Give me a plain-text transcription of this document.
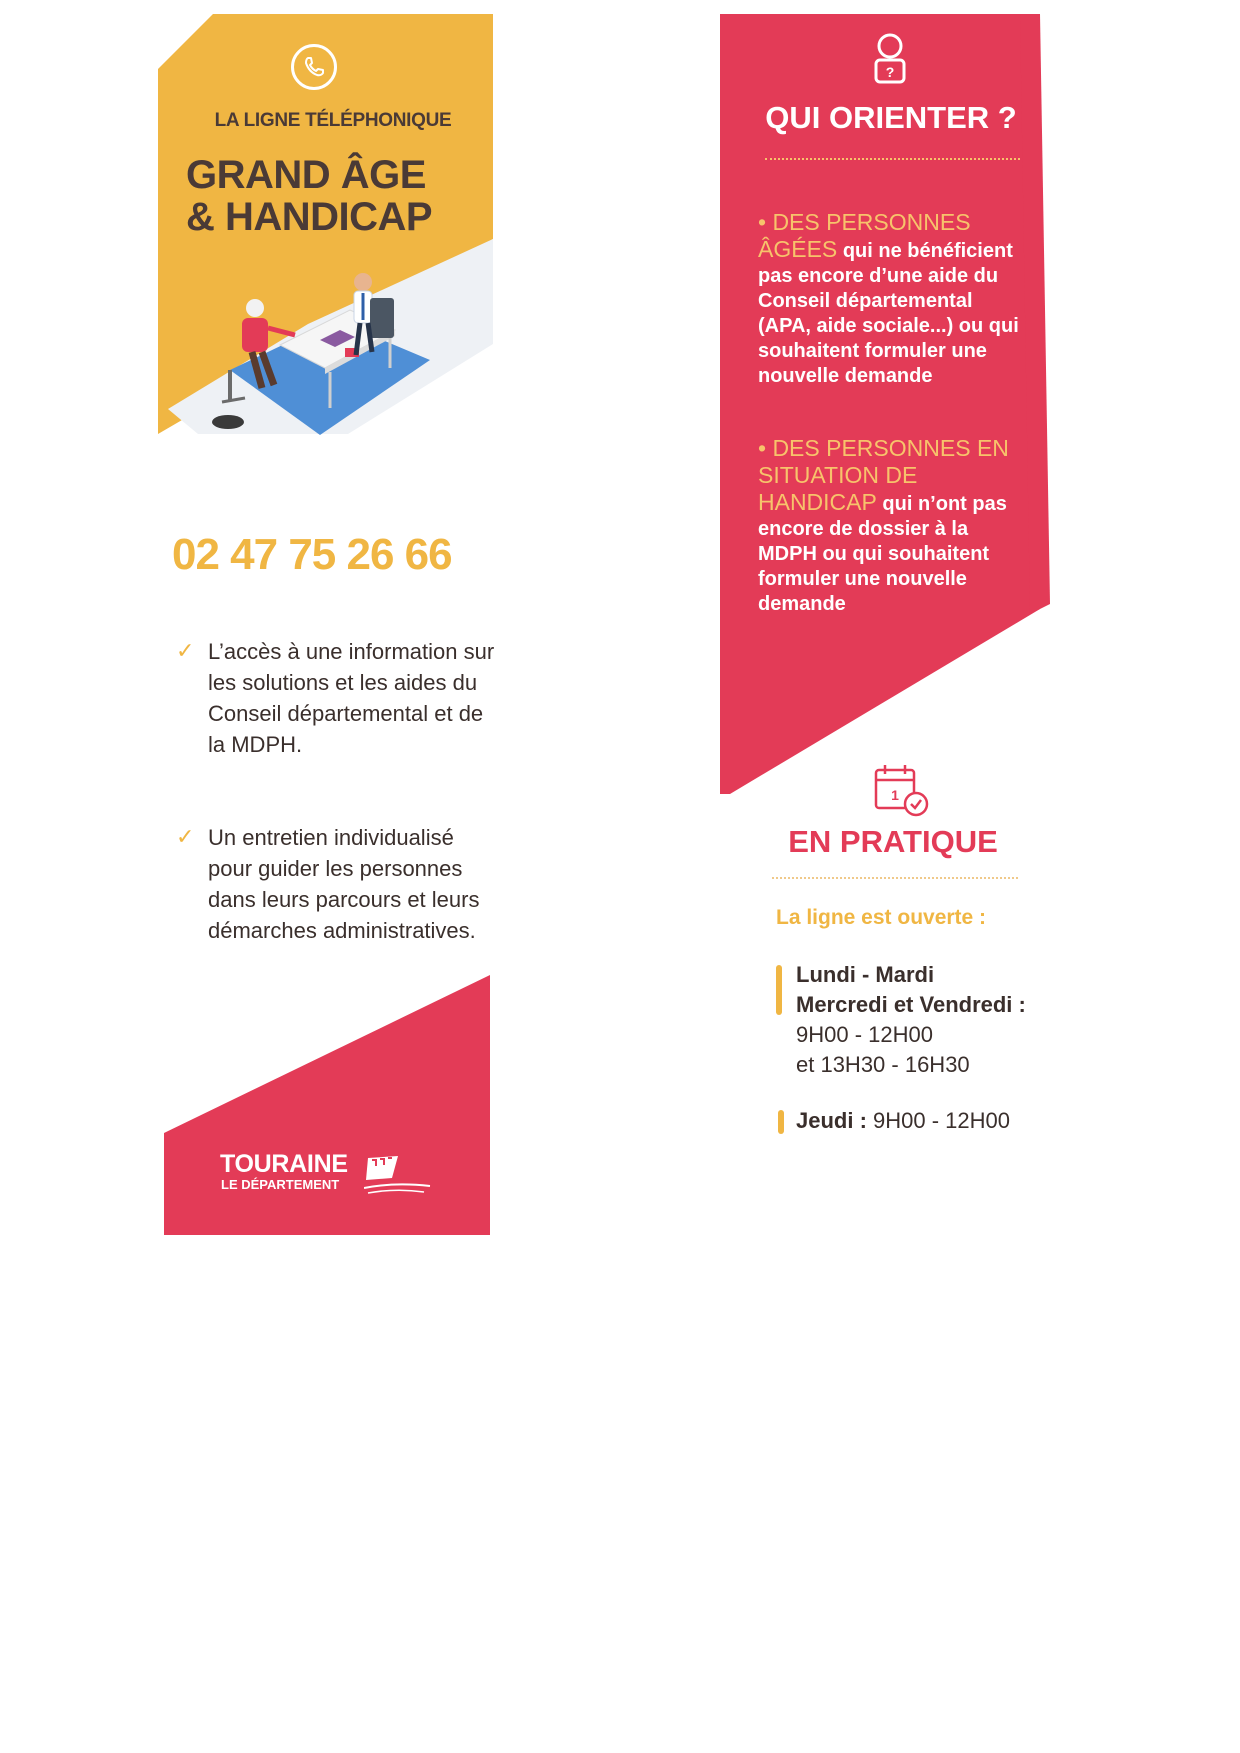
LA LIGNE TÉLÉPHONIQUE
GRAND ÂGE
& HANDICAP
02 47 75 26 66
✓ L’accès à une information sur les solutions et les aides du Conseil départemental et de la MDPH.
✓ Un entretien individualisé pour guider les personnes dans leurs parcours et leurs démarches administratives.
TOURAINE
LE DÉPARTEMENT
?
QUI ORIENTER ?
• DES PERSONNES ÂGÉES qui ne bénéficient pas encore d’une aide du Conseil départemental (APA, aide sociale...) ou qui souhaitent formuler une nouvelle demande
• DES PERSONNES EN SITUATION DE HANDICAP qui n’ont pas encore de dossier à la MDPH ou qui souhaitent formuler une nouvelle demande
1
EN PRATIQUE
La ligne est ouverte :
Lundi - Mardi
Mercredi et Vendredi :
9H00 - 12H00
et 13H30 - 16H30
Jeudi : 9H00 - 12H00
